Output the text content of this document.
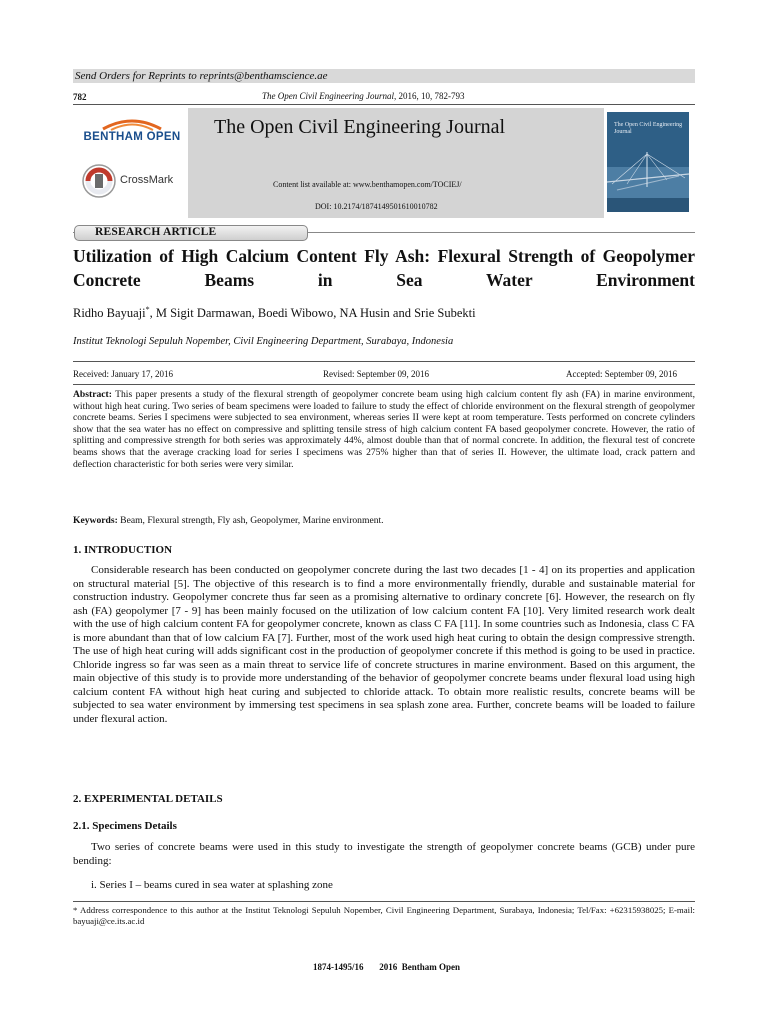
Send Orders for Reprints to reprints@benthamscience.ae
782	The Open Civil Engineering Journal, 2016, 10, 782-793
The Open Civil Engineering Journal
Content list available at: www.benthamopen.com/TOCIEJ/
DOI: 10.2174/1874149501610010782
BENTHAM OPEN
CrossMark
The Open Civil Engineering Journal
RESEARCH ARTICLE
Utilization of High Calcium Content Fly Ash: Flexural Strength of Geopolymer Concrete Beams in Sea Water Environment
Ridho Bayuaji*, M Sigit Darmawan, Boedi Wibowo, NA Husin and Srie Subekti
Institut Teknologi Sepuluh Nopember, Civil Engineering Department, Surabaya, Indonesia
Received: January 17, 2016	Revised: September 09, 2016	Accepted: September 09, 2016
Abstract: This paper presents a study of the flexural strength of geopolymer concrete beam using high calcium content fly ash (FA) in marine environment, without high heat curing. Two series of beam specimens were loaded to failure to study the effect of chloride environment on the flexural strength of geopolymer concrete beams. Series I specimens were subjected to sea environment, whereas series II were kept at room temperature. Tests performed on concrete cylinders show that the sea water has no effect on compressive and splitting tensile stress of high calcium content FA based geopolymer concrete. However, the ratio of splitting and compressive strength for both series was approximately 44%, almost double than that of normal concrete. In addition, the flexural test of concrete beams shows that the average cracking load for series I specimens was 275% higher than that of series II. However, the ultimate load, crack pattern and deflection characteristic for both series were very similar.
Keywords: Beam, Flexural strength, Fly ash, Geopolymer, Marine environment.
1. INTRODUCTION
Considerable research has been conducted on geopolymer concrete during the last two decades [1 - 4] on its properties and application on structural material [5]. The objective of this research is to find a more environmentally friendly, durable and sustainable material for construction industry. Geopolymer concrete thus far seen as a promising alternative to ordinary concrete [6]. However, the research on fly ash (FA) geopolymer [7 - 9] has been mainly focused on the utilization of low calcium content FA [10]. Very limited research work dealt with the use of high calcium content FA for geopolymer concrete, known as class C FA [11]. In some countries such as Indonesia, class C FA is more abundant than that of low calcium FA [7]. Further, most of the work used high heat curing to obtain the design compressive strength. The use of high heat curing will adds significant cost in the production of geopolymer concrete if this method is going to be used in practice. Chloride ingress so far was seen as a main threat to service life of concrete structures in marine environment. Based on this argument, the main objective of this study is to provide more understanding of the behavior of geopolymer concrete beams under flexural load using high calcium content FA without high heat curing and subjected to chloride attack. To obtain more realistic results, concrete beams will be subjected to sea water environment by immersing test specimens in sea splash zone area. Further, concrete beams will be loaded to failure under flexural action.
2. EXPERIMENTAL DETAILS
2.1. Specimens Details
Two series of concrete beams were used in this study to investigate the strength of geopolymer concrete beams (GCB) under pure bending:
i. Series I – beams cured in sea water at splashing zone
* Address correspondence to this author at the Institut Teknologi Sepuluh Nopember, Civil Engineering Department, Surabaya, Indonesia; Tel/Fax: +62315938025; E-mail: bayuaji@ce.its.ac.id
1874-1495/16 2016  Bentham Open
